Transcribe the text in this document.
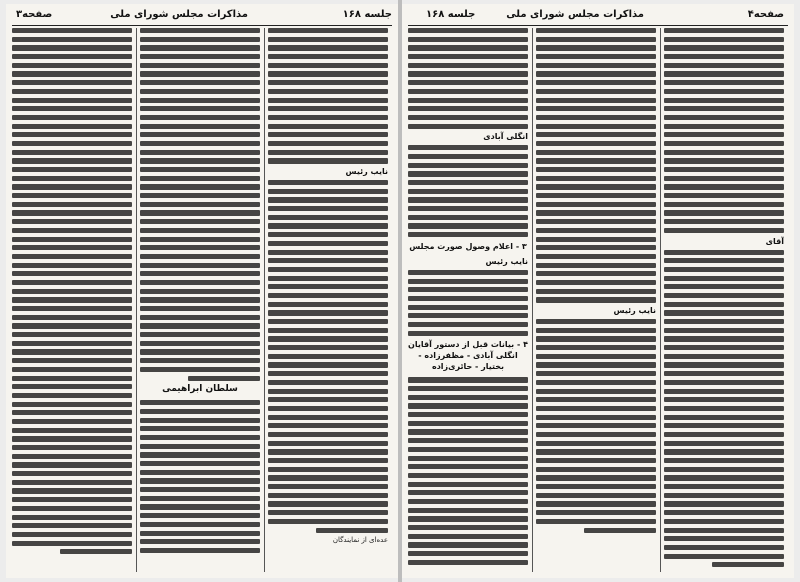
جلسه ۱۶۸
مذاکرات مجلس شورای ملی
صفحه۳
سلطان ابراهیمی
نایب رئیس
عده‌ای از نمایندگان
صفحه۴
مذاکرات مجلس شورای ملی
جلسه ۱۶۸
انگلی آبادی
۳ - اعلام وصول صورت مجلس
نایب رئیس
۴ - بیانات قبل از دستور آقایان انگلی آبادی - مظفرزاده - بختیار - حائری‌زاده
نایب رئیس
آقای
